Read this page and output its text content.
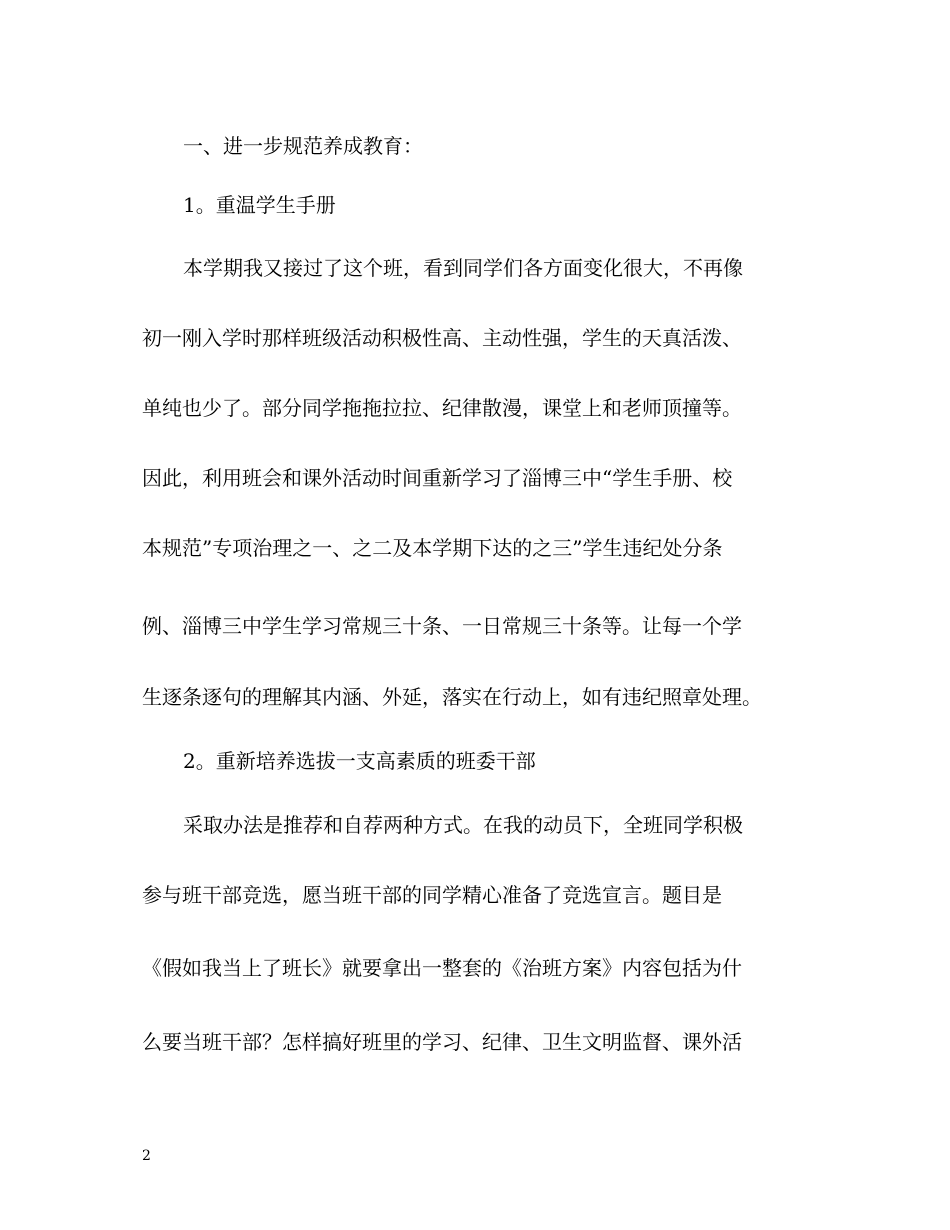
一、进一步规范养成教育：
1。重温学生手册
本学期我又接过了这个班，看到同学们各方面变化很大，不再像
初一刚入学时那样班级活动积极性高、主动性强，学生的天真活泼、
单纯也少了。部分同学拖拖拉拉、纪律散漫，课堂上和老师顶撞等。
因此，利用班会和课外活动时间重新学习了淄博三中“学生手册、校
本规范”专项治理之一、之二及本学期下达的之三”学生违纪处分条
例、淄博三中学生学习常规三十条、一日常规三十条等。让每一个学
生逐条逐句的理解其内涵、外延，落实在行动上，如有违纪照章处理。
2。重新培养选拔一支高素质的班委干部
采取办法是推荐和自荐两种方式。在我的动员下，全班同学积极
参与班干部竞选，愿当班干部的同学精心准备了竞选宣言。题目是
《假如我当上了班长》就要拿出一整套的《治班方案》内容包括为什
么要当班干部？怎样搞好班里的学习、纪律、卫生文明监督、课外活
2
